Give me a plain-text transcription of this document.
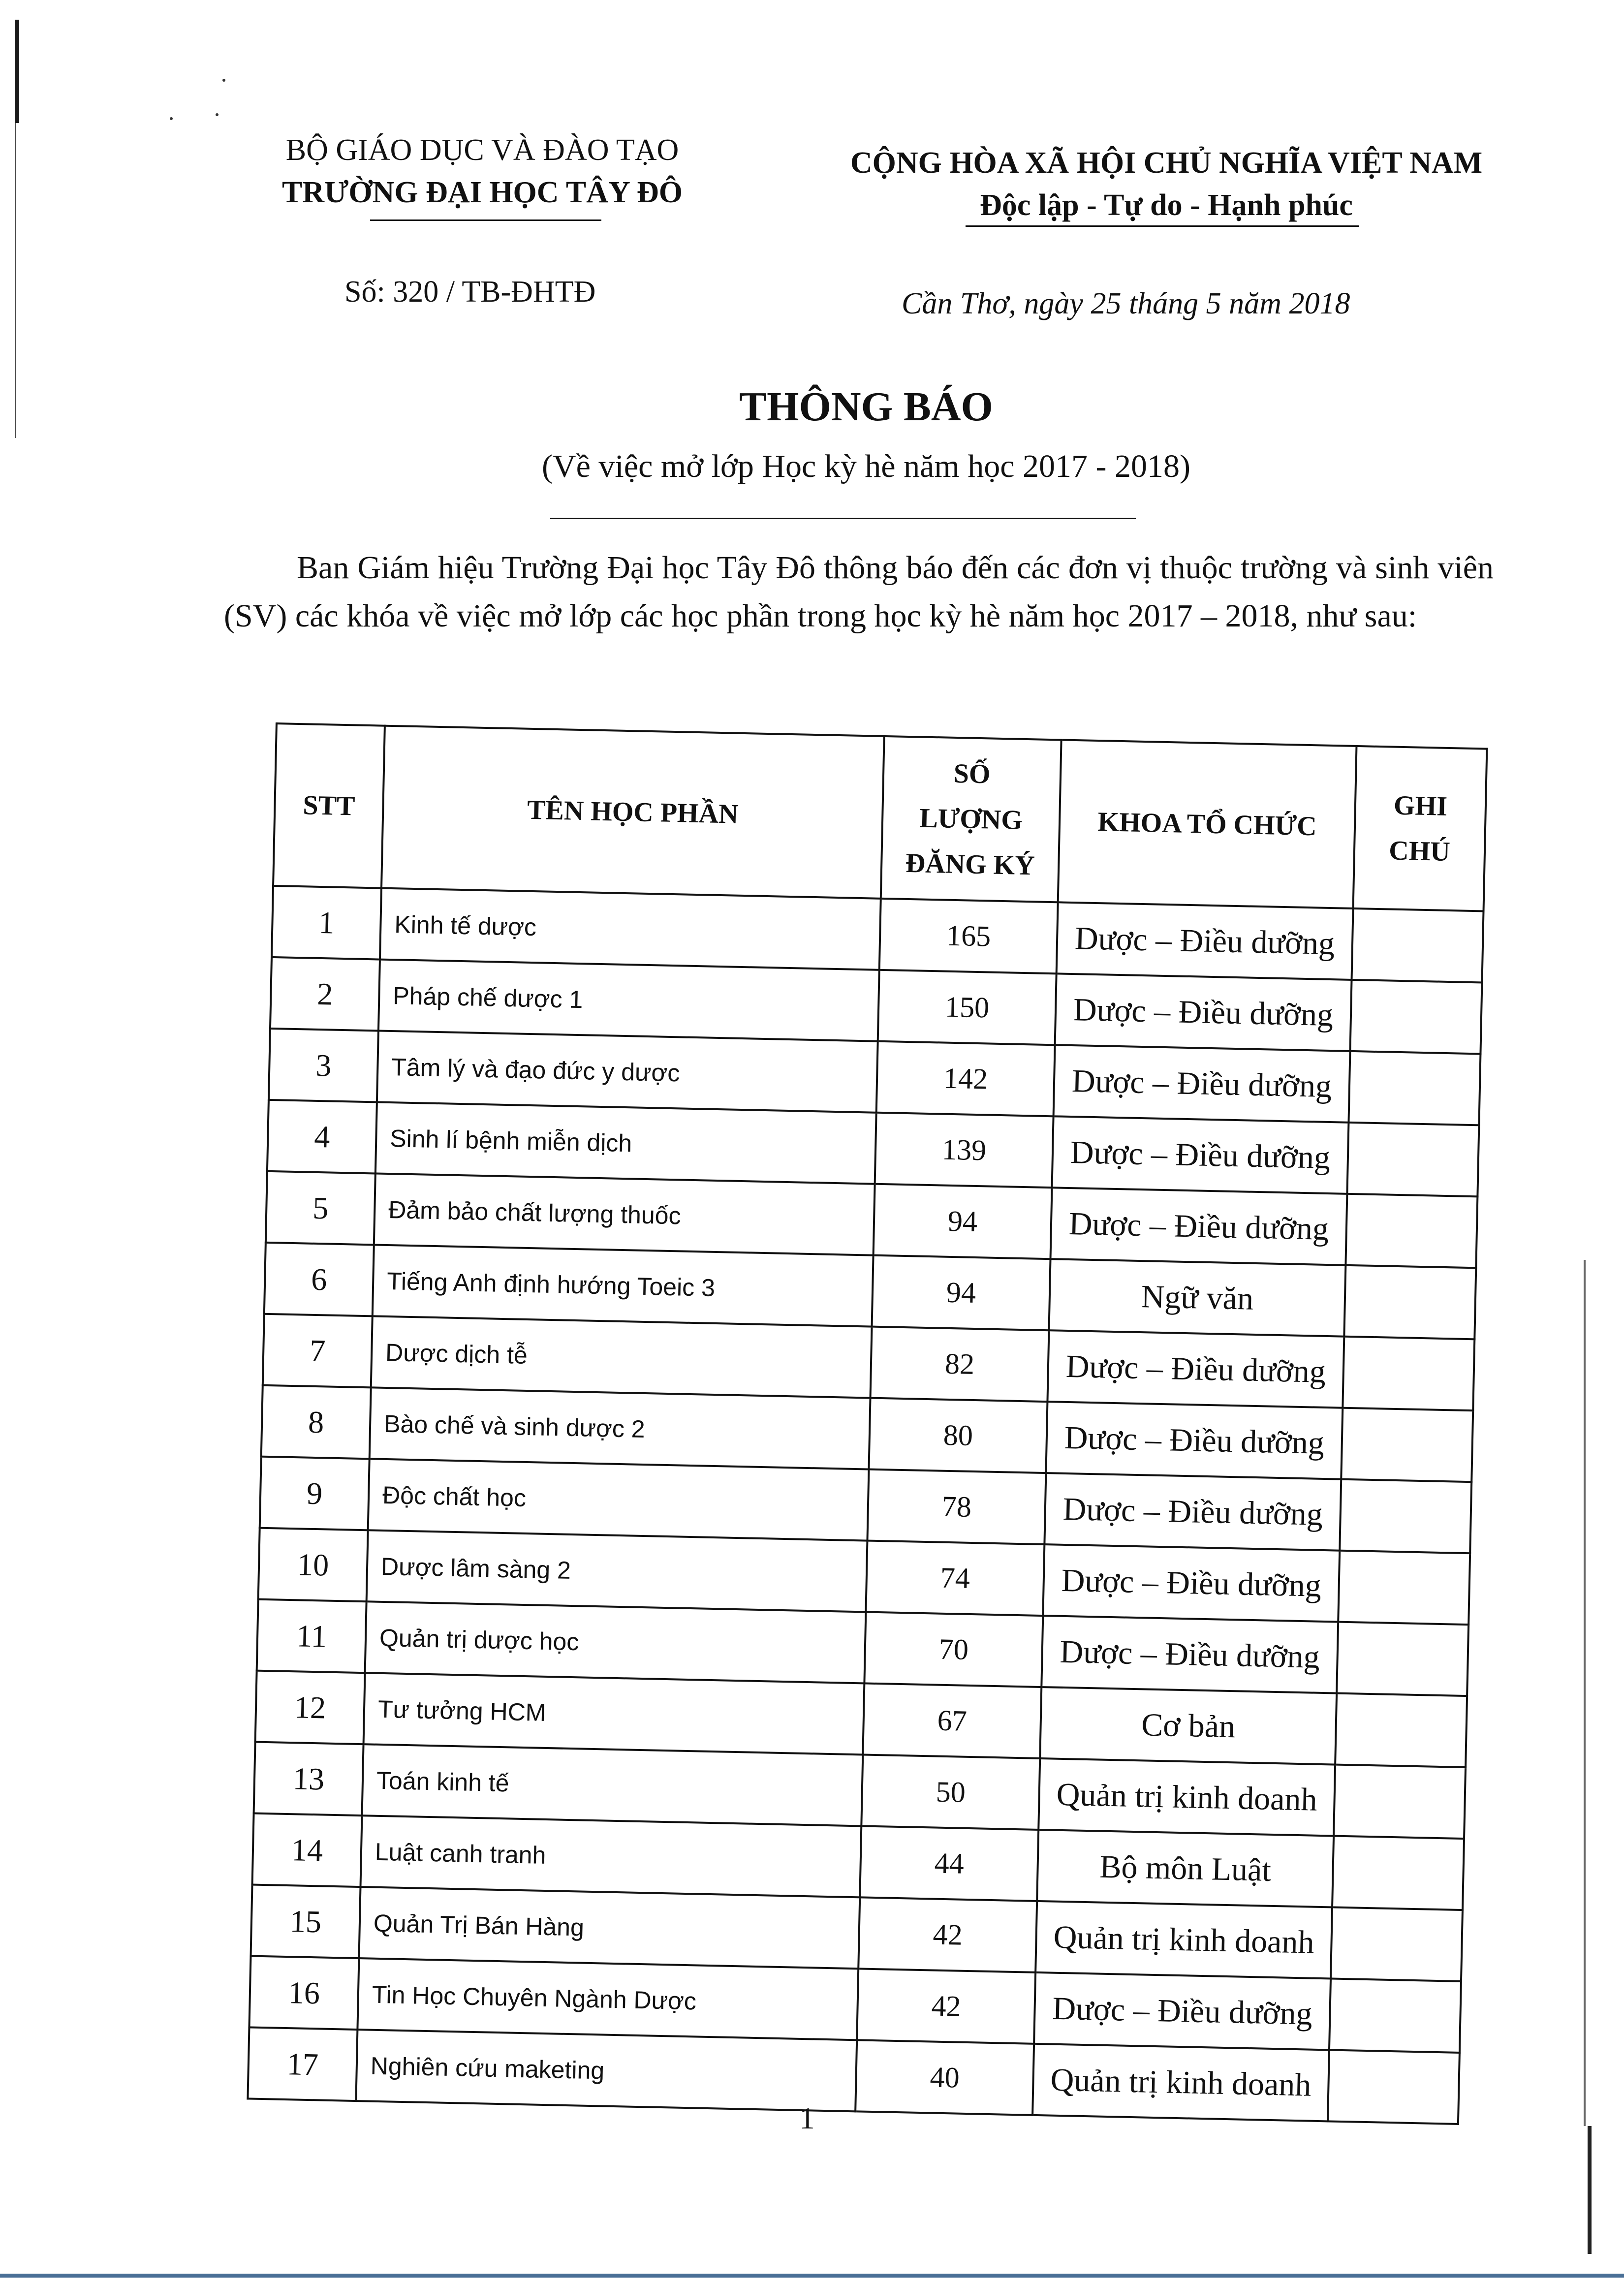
BỘ GIÁO DỤC VÀ ĐÀO TẠO
TRƯỜNG ĐẠI HỌC TÂY ĐÔ
CỘNG HÒA XÃ HỘI CHỦ NGHĨA VIỆT NAM
Độc lập - Tự do - Hạnh phúc
Số: 320 / TB-ĐHTĐ	Cần Thơ, ngày 25 tháng 5 năm 2018
THÔNG BÁO
(Về việc mở lớp Học kỳ hè năm học 2017 - 2018)

Ban Giám hiệu Trường Đại học Tây Đô thông báo đến các đơn vị thuộc trường và sinh viên (SV) các khóa về việc mở lớp các học phần trong học kỳ hè năm học 2017 – 2018, như sau:

STT	TÊN HỌC PHẦN	SỐ LƯỢNG ĐĂNG KÝ	KHOA TỔ CHỨC	GHI CHÚ
1	Kinh tế dược	165	Dược – Điều dưỡng	
2	Pháp chế dược 1	150	Dược – Điều dưỡng	
3	Tâm lý và đạo đức y dược	142	Dược – Điều dưỡng	
4	Sinh lí bệnh miễn dịch	139	Dược – Điều dưỡng	
5	Đảm bảo chất lượng thuốc	94	Dược – Điều dưỡng	
6	Tiếng Anh định hướng Toeic 3	94	Ngữ văn	
7	Dược dịch tễ	82	Dược – Điều dưỡng	
8	Bào chế và sinh dược 2	80	Dược – Điều dưỡng	
9	Độc chất học	78	Dược – Điều dưỡng	
10	Dược lâm sàng 2	74	Dược – Điều dưỡng	
11	Quản trị dược học	70	Dược – Điều dưỡng	
12	Tư tưởng HCM	67	Cơ bản	
13	Toán kinh tế	50	Quản trị kinh doanh	
14	Luật canh tranh	44	Bộ môn Luật	
15	Quản Trị Bán Hàng	42	Quản trị kinh doanh	
16	Tin Học Chuyên Ngành Dược	42	Dược – Điều dưỡng	
17	Nghiên cứu maketing	40	Quản trị kinh doanh	
1
